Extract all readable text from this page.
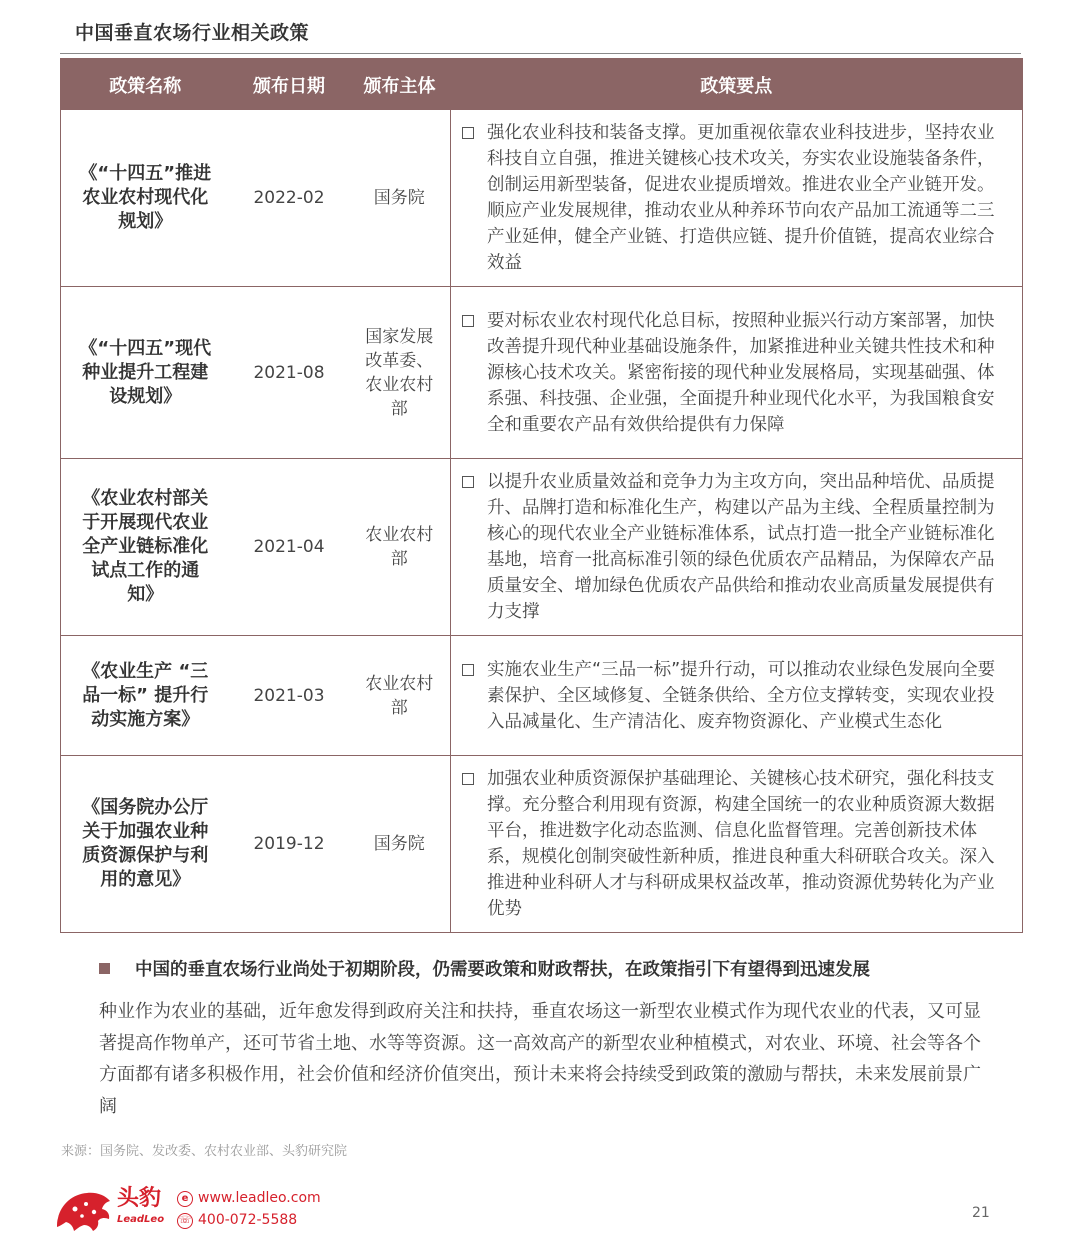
中国垂直农场行业相关政策
政策名称	颁布日期	颁布主体	政策要点
《“十四五”推进农业农村现代化规划》	2022-02	国务院	强化农业科技和装备支撑。更加重视依靠农业科技进步，坚持农业科技自立自强，推进关键核心技术攻关，夯实农业设施装备条件，创制运用新型装备，促进农业提质增效。推进农业全产业链开发。顺应产业发展规律，推动农业从种养环节向农产品加工流通等二三产业延伸，健全产业链、打造供应链、提升价值链，提高农业综合效益

《“十四五”现代种业提升工程建设规划》	2021-08	国家发展改革委、农业农村部	要对标农业农村现代化总目标，按照种业振兴行动方案部署，加快改善提升现代种业基础设施条件，加紧推进种业关键共性技术和种源核心技术攻关。紧密衔接的现代种业发展格局，实现基础强、体系强、科技强、企业强，全面提升种业现代化水平，为我国粮食安全和重要农产品有效供给提供有力保障

《农业农村部关于开展现代农业全产业链标准化试点工作的通知》	2021-04	农业农村部	以提升农业质量效益和竞争力为主攻方向，突出品种培优、品质提升、品牌打造和标准化生产，构建以产品为主线、全程质量控制为核心的现代农业全产业链标准体系，试点打造一批全产业链标准化基地，培育一批高标准引领的绿色优质农产品精品，为保障农产品质量安全、增加绿色优质农产品供给和推动农业高质量发展提供有力支撑

《农业生产 “三品一标” 提升行动实施方案》	2021-03	农业农村部	实施农业生产“三品一标”提升行动，可以推动农业绿色发展向全要素保护、全区域修复、全链条供给、全方位支撑转变，实现农业投入品减量化、生产清洁化、废弃物资源化、产业模式生态化

《国务院办公厅关于加强农业种质资源保护与利用的意见》	2019-12	国务院	加强农业种质资源保护基础理论、关键核心技术研究，强化科技支撑。充分整合利用现有资源，构建全国统一的农业种质资源大数据平台，推进数字化动态监测、信息化监督管理。完善创新技术体系，规模化创制突破性新种质，推进良种重大科研联合攻关。深入推进种业科研人才与科研成果权益改革，推动资源优势转化为产业优势
中国的垂直农场行业尚处于初期阶段，仍需要政策和财政帮扶，在政策指引下有望得到迅速发展
种业作为农业的基础，近年愈发得到政府关注和扶持，垂直农场这一新型农业模式作为现代农业的代表，又可显著提高作物单产，还可节省土地、水等等资源。这一高效高产的新型农业种植模式，对农业、环境、社会等各个方面都有诸多积极作用，社会价值和经济价值突出，预计未来将会持续受到政策的激励与帮扶，未来发展前景广阔
来源：国务院、发改委、农村农业部、头豹研究院
头豹
LeadLeo
e www.leadleo.com
☏ 400-072-5588	21
